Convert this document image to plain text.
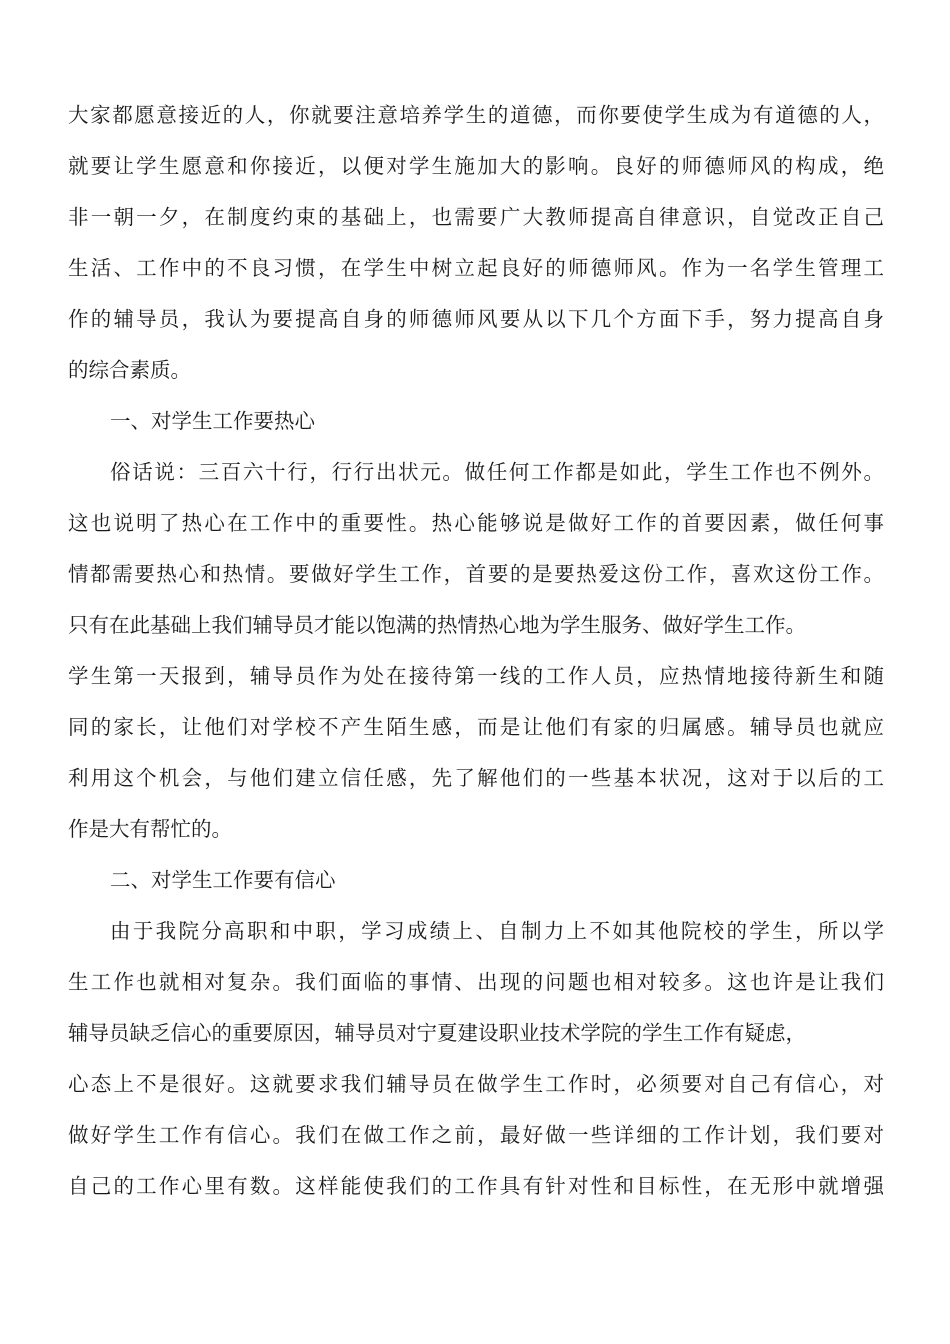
大家都愿意接近的人，你就要注意培养学生的道德，而你要使学生成为有道德的人，
就要让学生愿意和你接近，以便对学生施加大的影响。良好的师德师风的构成，绝
非一朝一夕，在制度约束的基础上，也需要广大教师提高自律意识，自觉改正自己
生活、工作中的不良习惯，在学生中树立起良好的师德师风。作为一名学生管理工
作的辅导员，我认为要提高自身的师德师风要从以下几个方面下手，努力提高自身
的综合素质。
一、对学生工作要热心
俗话说：三百六十行，行行出状元。做任何工作都是如此，学生工作也不例外。
这也说明了热心在工作中的重要性。热心能够说是做好工作的首要因素，做任何事
情都需要热心和热情。要做好学生工作，首要的是要热爱这份工作，喜欢这份工作。
只有在此基础上我们辅导员才能以饱满的热情热心地为学生服务、做好学生工作。
学生第一天报到，辅导员作为处在接待第一线的工作人员，应热情地接待新生和随
同的家长，让他们对学校不产生陌生感，而是让他们有家的归属感。辅导员也就应
利用这个机会，与他们建立信任感，先了解他们的一些基本状况，这对于以后的工
作是大有帮忙的。
二、对学生工作要有信心
由于我院分高职和中职，学习成绩上、自制力上不如其他院校的学生，所以学
生工作也就相对复杂。我们面临的事情、出现的问题也相对较多。这也许是让我们
辅导员缺乏信心的重要原因，辅导员对宁夏建设职业技术学院的学生工作有疑虑，
心态上不是很好。这就要求我们辅导员在做学生工作时，必须要对自己有信心，对
做好学生工作有信心。我们在做工作之前，最好做一些详细的工作计划，我们要对
自己的工作心里有数。这样能使我们的工作具有针对性和目标性，在无形中就增强
